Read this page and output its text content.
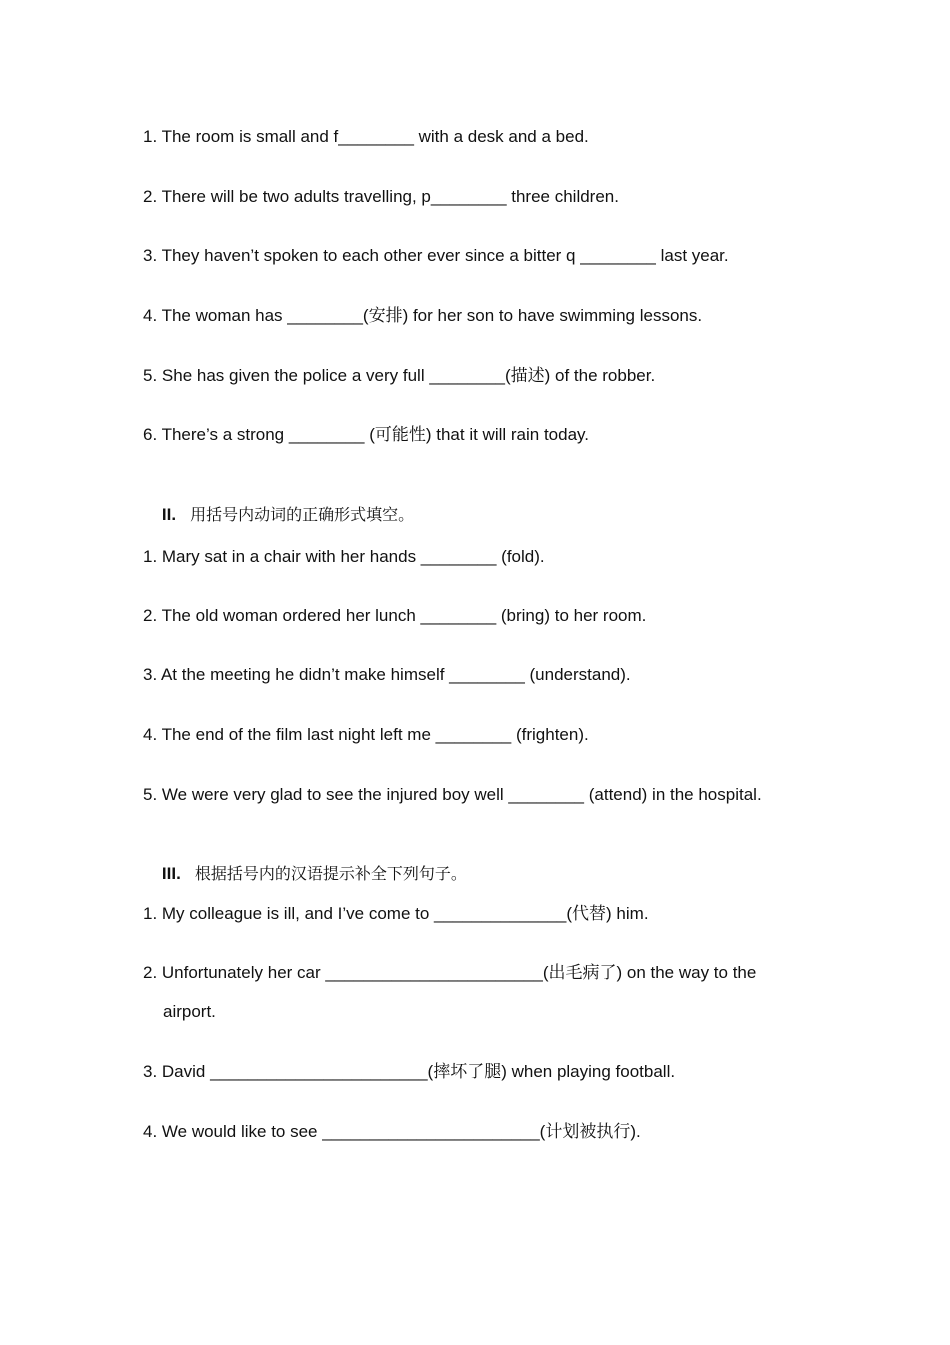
1. The room is small and f________ with a desk and a bed.
2. There will be two adults travelling, p________ three children.
3. They haven’t spoken to each other ever since a bitter q ________ last year.
4. The woman has ________(安排) for her son to have swimming lessons.
5. She has given the police a very full ________(描述) of the robber.
6. There’s a strong ________ (可能性) that it will rain today.

II. 用括号内动词的正确形式填空。

1. Mary sat in a chair with her hands ________ (fold).
2. The old woman ordered her lunch ________ (bring) to her room.
3. At the meeting he didn’t make himself ________ (understand).
4. The end of the film last night left me ________ (frighten).
5. We were very glad to see the injured boy well ________ (attend) in the hospital.

III. 根据括号内的汉语提示补全下列句子。

1. My colleague is ill, and I’ve come to ______________(代替) him.
2. Unfortunately her car _______________________(出毛病了) on the way to the
airport.
3. David _______________________(摔坏了腿) when playing football.
4. We would like to see _______________________(计划被执行).
